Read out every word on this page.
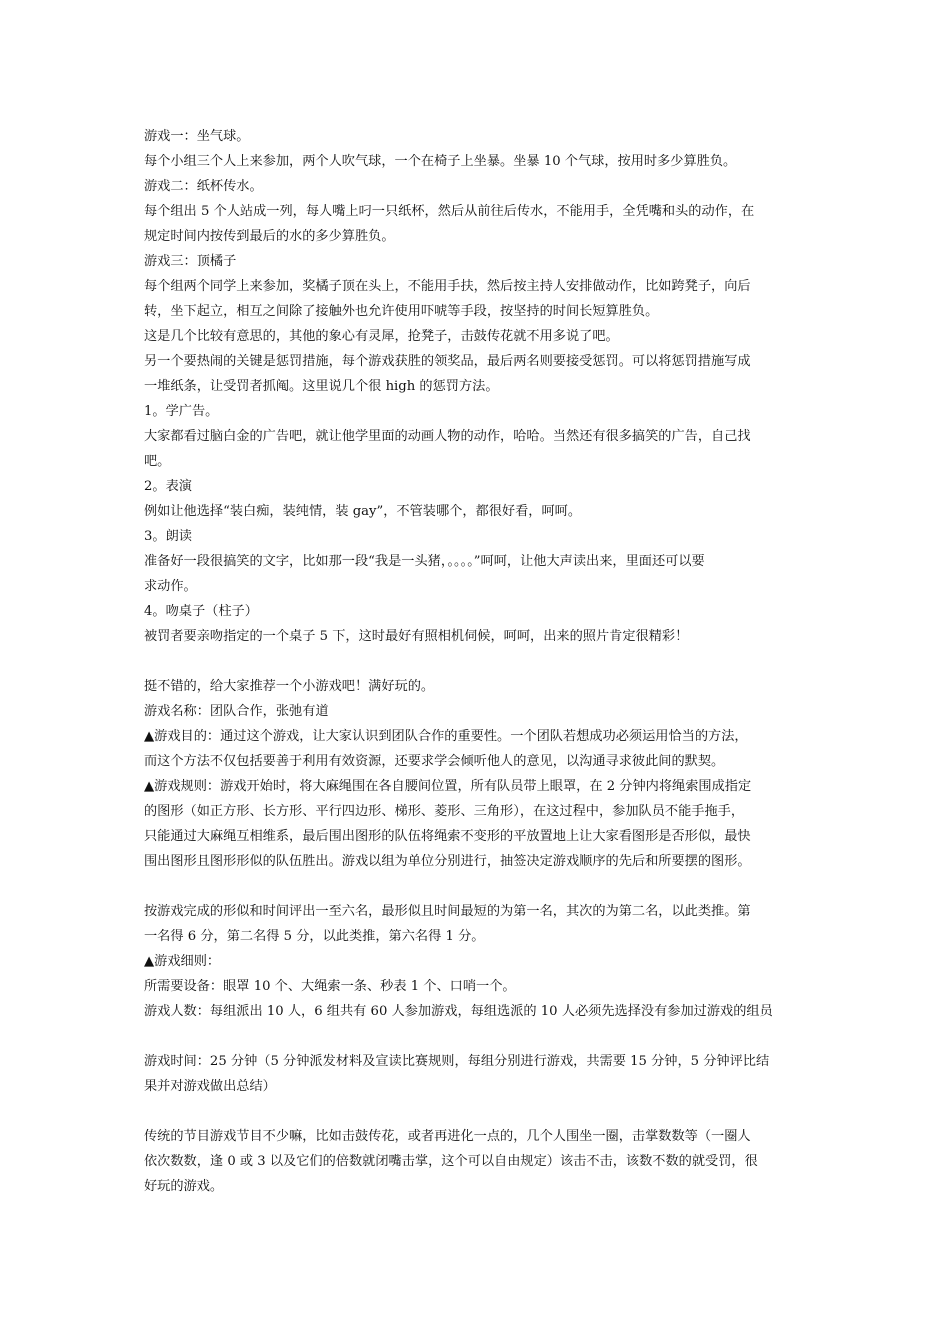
游戏一：坐气球。
每个小组三个人上来参加，两个人吹气球，一个在椅子上坐暴。坐暴 10 个气球，按用时多少算胜负。
游戏二：纸杯传水。
每个组出 5 个人站成一列，每人嘴上叼一只纸杯，然后从前往后传水，不能用手，全凭嘴和头的动作，在
规定时间内按传到最后的水的多少算胜负。
游戏三：顶橘子
每个组两个同学上来参加，奖橘子顶在头上，不能用手扶，然后按主持人安排做动作，比如跨凳子，向后
转，坐下起立，相互之间除了接触外也允许使用吓唬等手段，按坚持的时间长短算胜负。
这是几个比较有意思的，其他的象心有灵犀，抢凳子，击鼓传花就不用多说了吧。
另一个要热闹的关键是惩罚措施，每个游戏获胜的领奖品，最后两名则要接受惩罚。可以将惩罚措施写成
一堆纸条，让受罚者抓阄。这里说几个很 high 的惩罚方法。
1。学广告。
大家都看过脑白金的广告吧，就让他学里面的动画人物的动作，哈哈。当然还有很多搞笑的广告，自己找
吧。
2。表演
例如让他选择“装白痴，装纯情，装 gay”，不管装哪个，都很好看，呵呵。
3。朗读
准备好一段很搞笑的文字，比如那一段“我是一头猪，。。。。”呵呵，让他大声读出来，里面还可以要
求动作。
4。吻桌子（柱子）
被罚者要亲吻指定的一个桌子 5 下，这时最好有照相机伺候，呵呵，出来的照片肯定很精彩！
挺不错的，给大家推荐一个小游戏吧！满好玩的。
游戏名称：团队合作，张弛有道
▲游戏目的：通过这个游戏，让大家认识到团队合作的重要性。一个团队若想成功必须运用恰当的方法，
而这个方法不仅包括要善于利用有效资源，还要求学会倾听他人的意见，以沟通寻求彼此间的默契。
▲游戏规则：游戏开始时，将大麻绳围在各自腰间位置，所有队员带上眼罩，在 2 分钟内将绳索围成指定
的图形（如正方形、长方形、平行四边形、梯形、菱形、三角形），在这过程中，参加队员不能手拖手，
只能通过大麻绳互相维系，最后围出图形的队伍将绳索不变形的平放置地上让大家看图形是否形似，最快
围出图形且图形形似的队伍胜出。游戏以组为单位分别进行，抽签决定游戏顺序的先后和所要摆的图形。
按游戏完成的形似和时间评出一至六名，最形似且时间最短的为第一名，其次的为第二名，以此类推。第
一名得 6 分，第二名得 5 分，以此类推，第六名得 1 分。
▲游戏细则：
所需要设备：眼罩 10 个、大绳索一条、秒表 1 个、口哨一个。
游戏人数：每组派出 10 人，6 组共有 60 人参加游戏，每组选派的 10 人必须先选择没有参加过游戏的组员
游戏时间：25 分钟（5 分钟派发材料及宣读比赛规则，每组分别进行游戏，共需要 15 分钟，5 分钟评比结
果并对游戏做出总结）
传统的节目游戏节目不少嘛，比如击鼓传花，或者再进化一点的，几个人围坐一圈，击掌数数等（一圈人
依次数数，逢 0 或 3 以及它们的倍数就闭嘴击掌，这个可以自由规定）该击不击，该数不数的就受罚，很
好玩的游戏。
